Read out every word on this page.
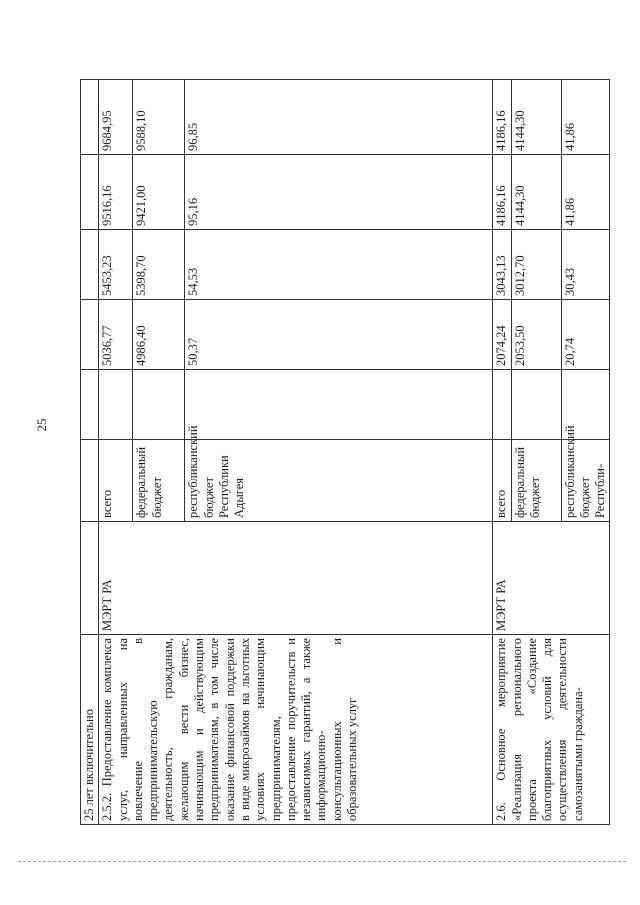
25
25 лет включительно							
2.5.2. Предоставление комплекса услуг, направленных на вовлечение в предпринимательскую деятельность, гражданам, желающим вести бизнес, начинающим и действующим предпринимателям, в том числе оказание финансовой поддержки в виде микрозаймов на льготных условиях начинающим предпринимателям, предоставление поручительств и независимых гарантий, а также информационно-консультационных и образовательных услуг	МЭРТ РА	всего		5036,77	5453,23	9516,16	9684,95
		федеральный бюджет		4986,40	5398,70	9421,00	9588,10
		республиканский бюджет Республики Адыгея		50,37	54,53	95,16	96,85
2.6. Основное мероприятие «Реализация регионального проекта «Создание благоприятных условий для осуществления деятельности самозанятыми граждана-	МЭРТ РА	всего		2074,24	3043,13	4186,16	4186,16
		федеральный бюджет		2053,50	3012,70	4144,30	4144,30
		республиканский бюджет Республи-		20,74	30,43	41,86	41,86
